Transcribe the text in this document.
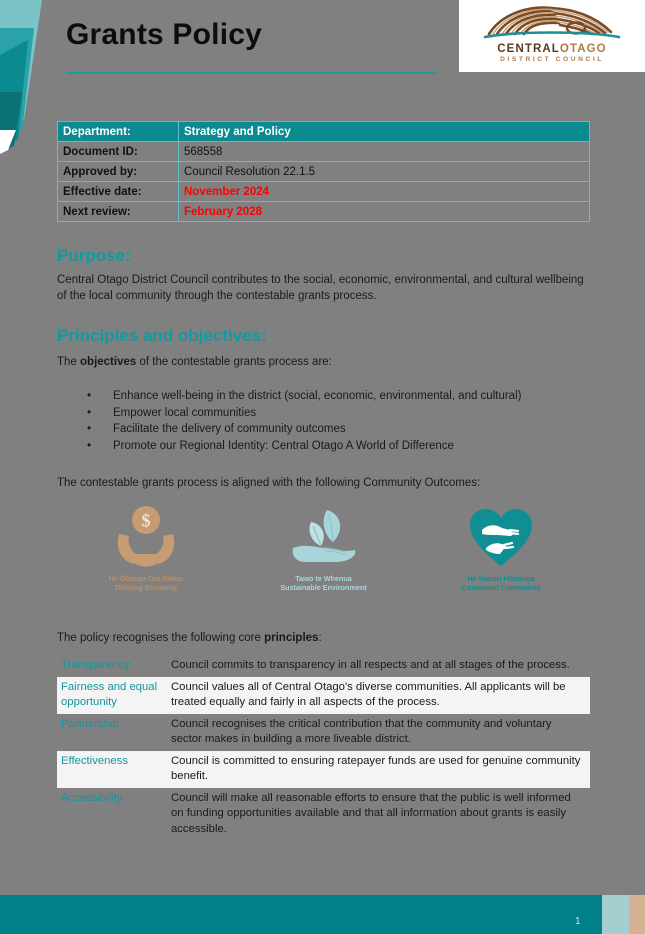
Grants Policy	CENTRALOTAGO
DISTRICT COUNCIL
Department:	Strategy and Policy
Document ID:	568558
Approved by:	Council Resolution 22.1.5
Effective date:	November 2024
Next review:	February 2028
Purpose:
Central Otago District Council contributes to the social, economic, environmental, and cultural wellbeing of the local community through the contestable grants process.
Principles and objectives:
The objectives of the contestable grants process are:
• Enhance well-being in the district (social, economic, environmental, and cultural)
• Empower local communities
• Facilitate the delivery of community outcomes
• Promote our Regional Identity: Central Otago A World of Difference
The contestable grants process is aligned with the following Community Outcomes:
$
He Ōhanga Ora Rātou
Thriving Economy
Taiao te Whenua
Sustainable Environment
He Hapori Hōnonga
Connected Community
The policy recognises the following core principles:
Transparency	Council commits to transparency in all respects and at all stages of the process.
Fairness and equal opportunity	Council values all of Central Otago's diverse communities. All applicants will be treated equally and fairly in all aspects of the process.
Partnership	Council recognises the critical contribution that the community and voluntary sector makes in building a more liveable district.
Effectiveness	Council is committed to ensuring ratepayer funds are used for genuine community benefit.
Accessibility	Council will make all reasonable efforts to ensure that the public is well informed on funding opportunities available and that all information about grants is easily accessible.
1
